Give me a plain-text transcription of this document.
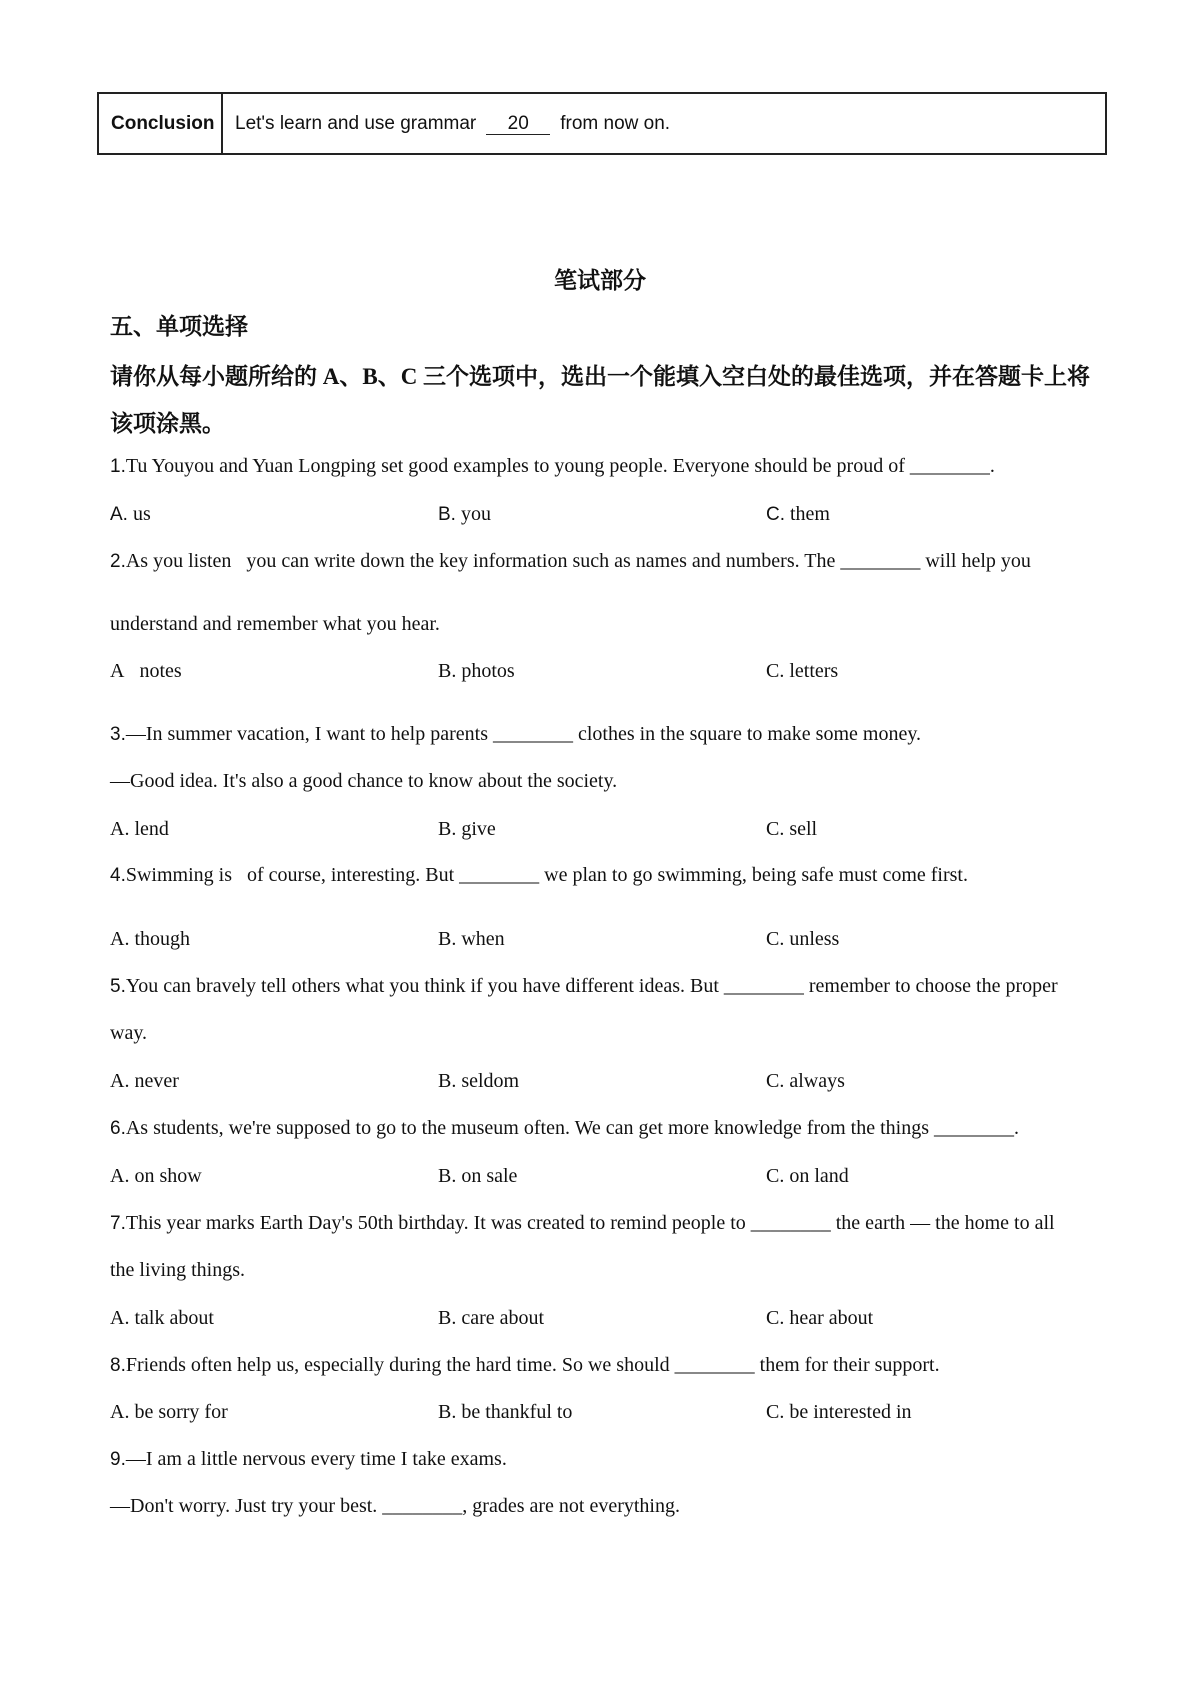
Conclusion	Let's learn and use grammar 20 from now on.
笔试部分
五、单项选择
请你从每小题所给的 A、B、C 三个选项中，选出一个能填入空白处的最佳选项，并在答题卡上将该项涂黑。
1.Tu Youyou and Yuan Longping set good examples to young people. Everyone should be proud of ________.
A. us	B. you	C. them
2.As you listen   you can write down the key information such as names and numbers. The ________ will help you
understand and remember what you hear.
A notes	B. photos	C. letters
3.—In summer vacation, I want to help parents ________ clothes in the square to make some money.
—Good idea. It's also a good chance to know about the society.
A. lend	B. give	C. sell
4.Swimming is   of course, interesting. But ________ we plan to go swimming, being safe must come first.
A. though	B. when	C. unless
5.You can bravely tell others what you think if you have different ideas. But ________ remember to choose the proper
way.
A. never	B. seldom	C. always
6.As students, we're supposed to go to the museum often. We can get more knowledge from the things ________.
A. on show	B. on sale	C. on land
7.This year marks Earth Day's 50th birthday. It was created to remind people to ________ the earth — the home to all
the living things.
A. talk about	B. care about	C. hear about
8.Friends often help us, especially during the hard time. So we should ________ them for their support.
A. be sorry for	B. be thankful to	C. be interested in
9.—I am a little nervous every time I take exams.
—Don't worry. Just try your best. ________, grades are not everything.
